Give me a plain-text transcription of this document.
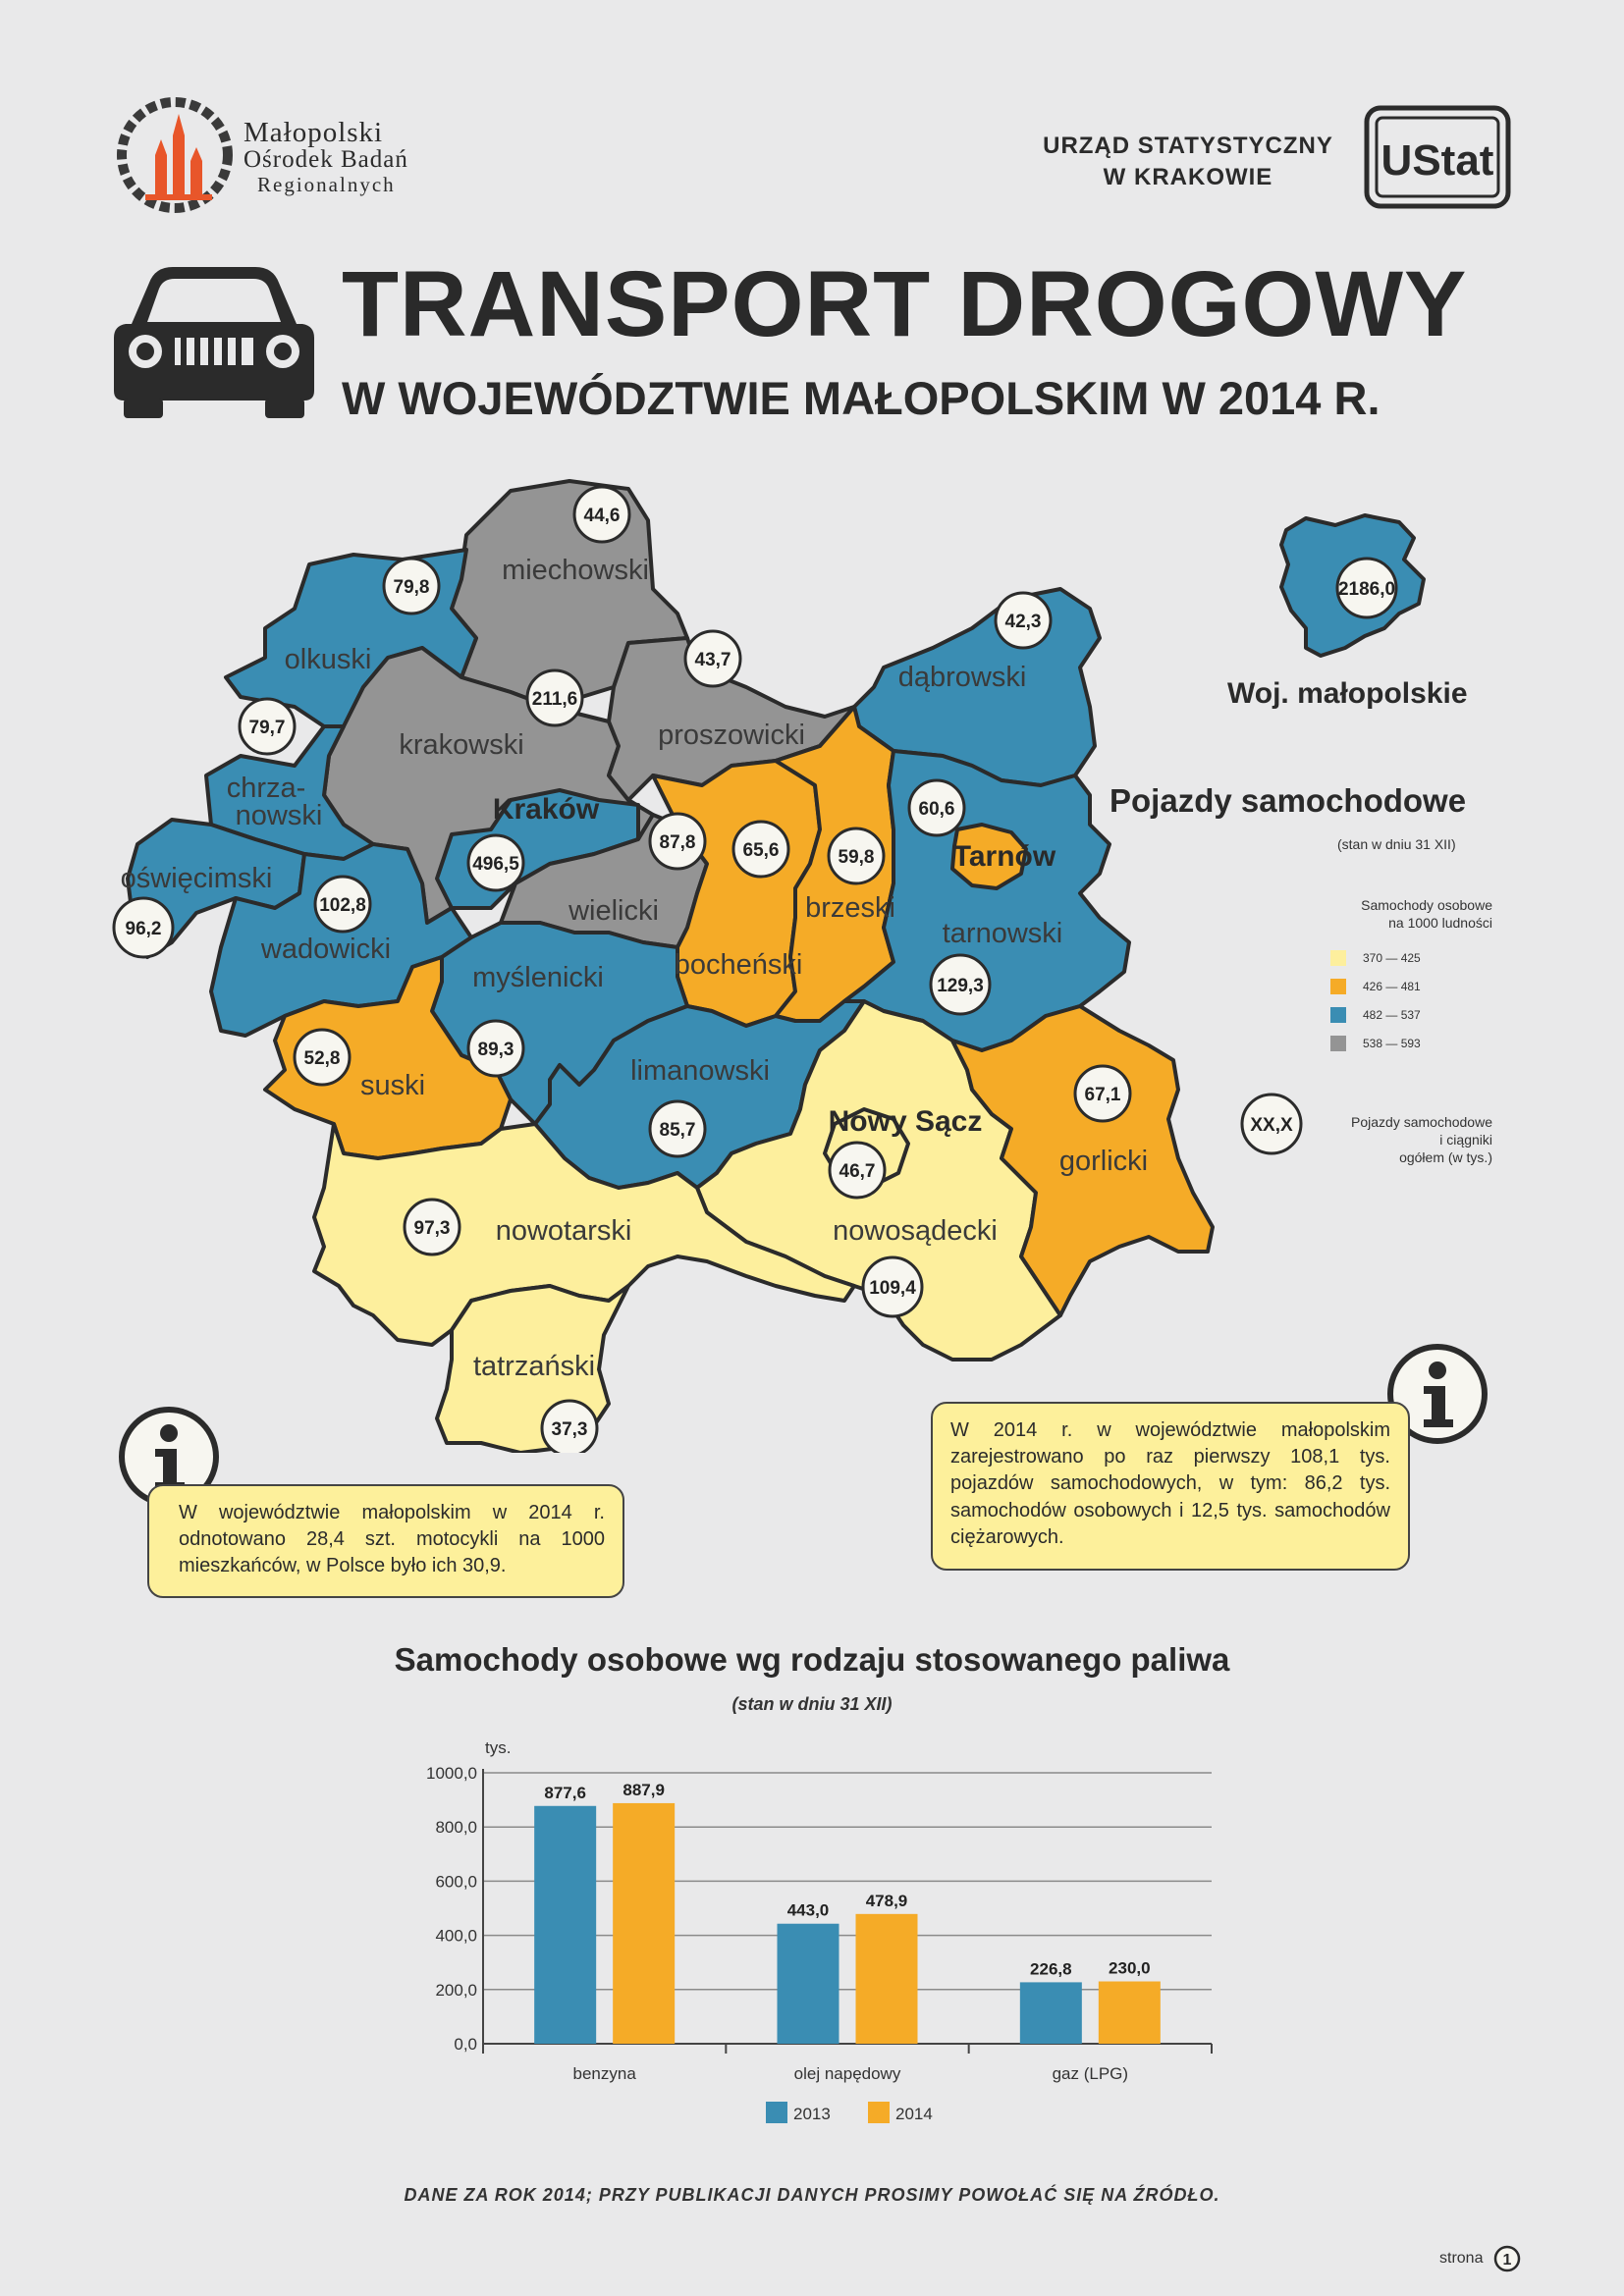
Małopolski
Ośrodek Badań
Regionalnych
URZĄD STATYSTYCZNY
W KRAKOWIE	UStat
TRANSPORT DROGOWY
W WOJEWÓDZTWIE MAŁOPOLSKIM W 2014 R.
miechowski
olkuski
krakowski	proszowicki
dąbrowski
chrza-
nowski	Kraków
oświęcimski
wadowicki
wielicki
bocheński
brzeski
Tarnów
tarnowski
myślenicki
suski	limanowski
Nowy Sącz
gorlicki
nowotarski	nowosądecki
tatrzański
44,6
79,8
211,6
43,7
42,3
79,7
496,5
96,2
102,8
87,8	65,6	59,8
60,6
129,3
89,3
52,8
85,7
46,7
67,1
97,3
109,4
37,3
2186,0
Woj. małopolskie
Pojazdy samochodowe
(stan w dniu 31 XII)
Samochody osobowe
na 1000 ludności
370 — 425
426 — 481
482 — 537
538 — 593
XX,X	Pojazdy samochodowe
i ciągniki
ogółem (w tys.)
W 2014 r. w województwie małopolskim zarejestrowano po raz pierwszy 108,1 tys. pojazdów samochodowych, w tym: 86,2 tys. samochodów osobowych i 12,5 tys. samochodów ciężarowych.
W województwie małopolskim w 2014 r. odnotowano 28,4 szt. motocykli na 1000 mieszkańców, w Polsce było ich 30,9.
Samochody osobowe wg rodzaju stosowanego paliwa
(stan w dniu 31 XII)
tys.
0,0
200,0
400,0
600,0
800,0
1000,0
877,6 887,9
benzyna
443,0
478,9
olej napędowy
226,8 230,0
gaz (LPG)
2013	2014
DANE ZA ROK 2014; PRZY PUBLIKACJI DANYCH PROSIMY POWOŁAĆ SIĘ NA ŹRÓDŁO.
strona 1
